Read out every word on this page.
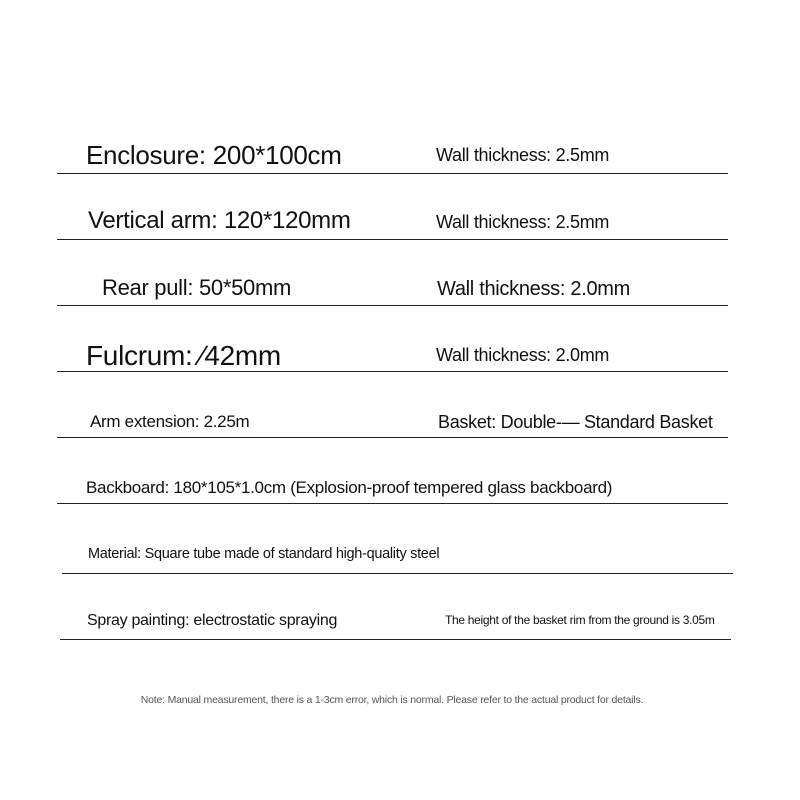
Enclosure: 200*100cm	Wall thickness: 2.5mm
Vertical arm: 120*120mm	Wall thickness: 2.5mm
Rear pull: 50*50mm	Wall thickness: 2.0mm
Fulcrum: ∕42mm	Wall thickness: 2.0mm
Arm extension: 2.25m	Basket: Double-― Standard Basket
Backboard: 180*105*1.0cm (Explosion-proof tempered glass backboard)
Material: Square tube made of standard high-quality steel
Spray painting: electrostatic spraying	The height of the basket rim from the ground is 3.05m
Note: Manual measurement, there is a 1-3cm error, which is normal. Please refer to the actual product for details.
